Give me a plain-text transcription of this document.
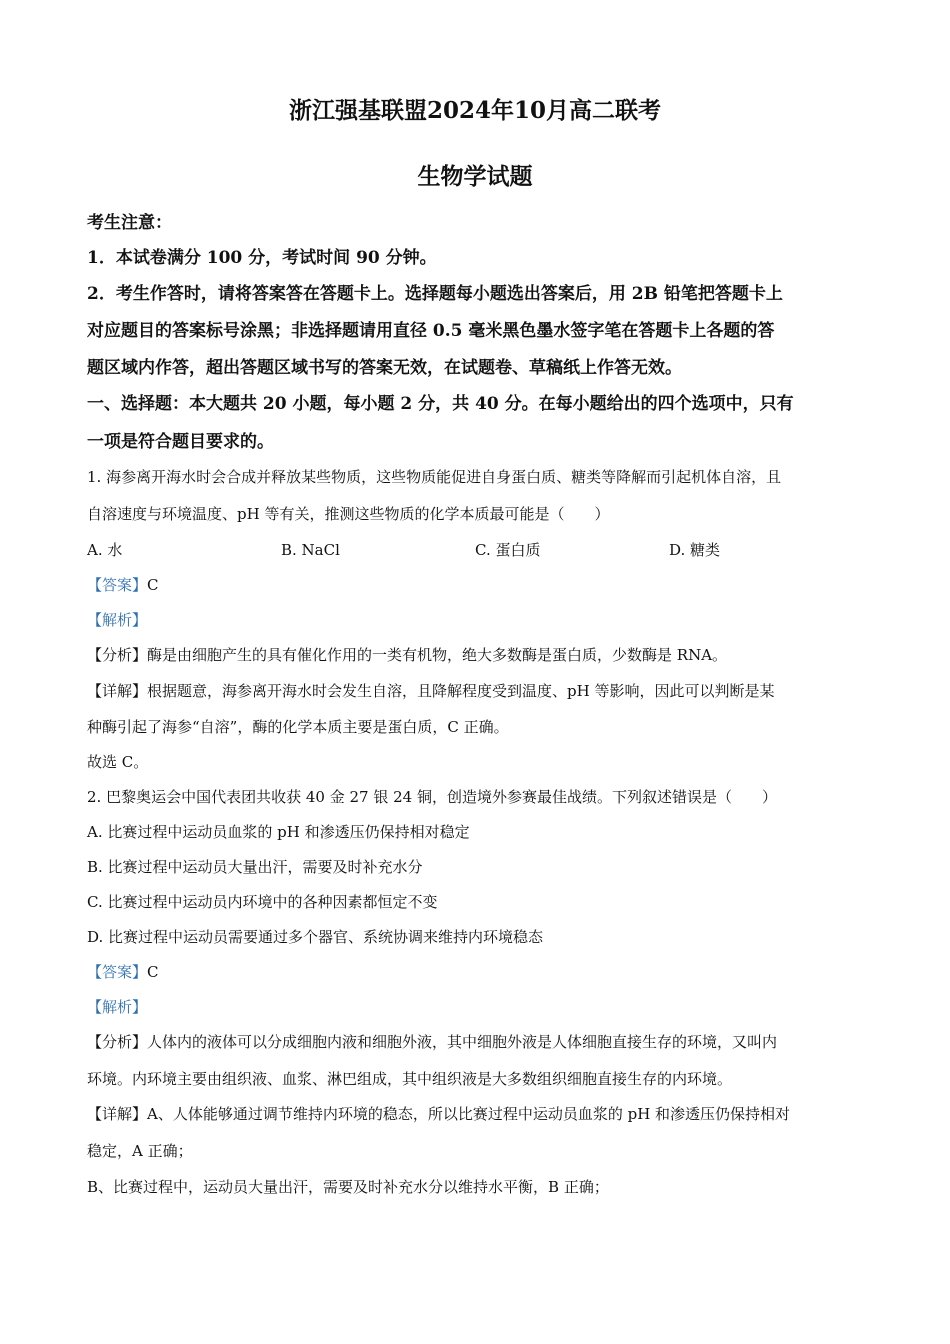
浙江强基联盟2024年10月高二联考
生物学试题
考生注意：
1．本试卷满分 100 分，考试时间 90 分钟。
2．考生作答时，请将答案答在答题卡上。选择题每小题选出答案后，用 2B 铅笔把答题卡上
对应题目的答案标号涂黑；非选择题请用直径 0.5 毫米黑色墨水签字笔在答题卡上各题的答
题区域内作答，超出答题区域书写的答案无效，在试题卷、草稿纸上作答无效。
一、选择题：本大题共 20 小题，每小题 2 分，共 40 分。在每小题给出的四个选项中，只有
一项是符合题目要求的。
1. 海参离开海水时会合成并释放某些物质，这些物质能促进自身蛋白质、糖类等降解而引起机体自溶，且
自溶速度与环境温度、pH 等有关，推测这些物质的化学本质最可能是（　　）
A. 水	B. NaCl	C. 蛋白质	D. 糖类
【答案】C
【解析】
【分析】酶是由细胞产生的具有催化作用的一类有机物，绝大多数酶是蛋白质，少数酶是 RNA。
【详解】根据题意，海参离开海水时会发生自溶，且降解程度受到温度、pH 等影响，因此可以判断是某
种酶引起了海参“自溶”，酶的化学本质主要是蛋白质，C 正确。
故选 C。
2. 巴黎奥运会中国代表团共收获 40 金 27 银 24 铜，创造境外参赛最佳战绩。下列叙述错误是（　　）
A. 比赛过程中运动员血浆的 pH 和渗透压仍保持相对稳定
B. 比赛过程中运动员大量出汗，需要及时补充水分
C. 比赛过程中运动员内环境中的各种因素都恒定不变
D. 比赛过程中运动员需要通过多个器官、系统协调来维持内环境稳态
【答案】C
【解析】
【分析】人体内的液体可以分成细胞内液和细胞外液，其中细胞外液是人体细胞直接生存的环境，又叫内
环境。内环境主要由组织液、血浆、淋巴组成，其中组织液是大多数组织细胞直接生存的内环境。
【详解】A、人体能够通过调节维持内环境的稳态，所以比赛过程中运动员血浆的 pH 和渗透压仍保持相对
稳定，A 正确；
B、比赛过程中，运动员大量出汗，需要及时补充水分以维持水平衡，B 正确；
